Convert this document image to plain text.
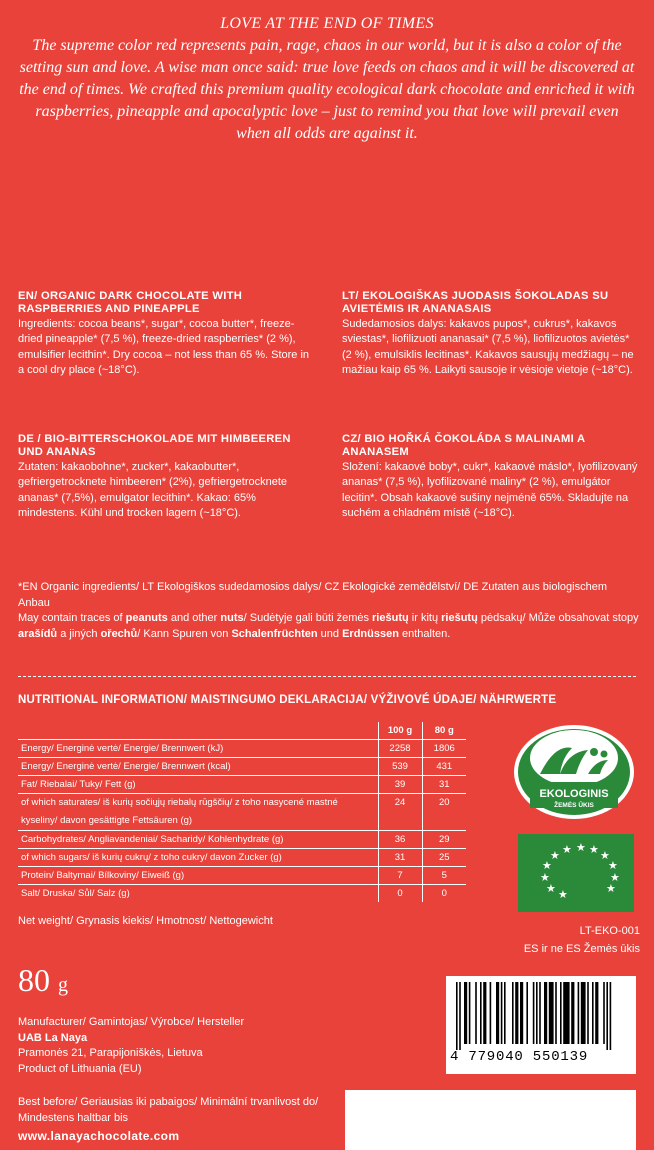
LOVE AT THE END OF TIMES
The supreme color red represents pain, rage, chaos in our world, but it is also a color of the setting sun and love. A wise man once said: true love feeds on chaos and it will be discovered at the end of times. We crafted this premium quality ecological dark chocolate and enriched it with raspberries, pineapple and apocalyptic love – just to remind you that love will prevail even when all odds are against it.
EN/ ORGANIC DARK CHOCOLATE WITH RASPBERRIES AND PINEAPPLE
Ingredients: cocoa beans*, sugar*, cocoa butter*, freeze-dried pineapple* (7,5 %), freeze-dried raspberries* (2 %), emulsifier lecithin*. Dry cocoa – not less than 65 %. Store in a cool dry place (~18°C).
LT/ EKOLOGIŠKAS JUODASIS ŠOKOLADAS SU AVIETĖMIS IR ANANASAIS
Sudedamosios dalys: kakavos pupos*, cukrus*, kakavos sviestas*, liofilizuoti ananasai* (7,5 %), liofilizuotos avietės* (2 %), emulsiklis lecitinas*. Kakavos sausųjų medžiagų – ne mažiau kaip 65 %. Laikyti sausoje ir vėsioje vietoje (~18°C).
DE / BIO-BITTERSCHOKOLADE MIT HIMBEEREN UND ANANAS
Zutaten: kakaobohne*, zucker*, kakaobutter*, gefriergetrocknete himbeeren* (2%), gefriergetrocknete ananas* (7,5%), emulgator lecithin*. Kakao: 65% mindestens. Kühl und trocken lagern (~18°C).
CZ/ BIO HOŘKÁ ČOKOLÁDA S MALINAMI A ANANASEM
Složení: kakaové boby*, cukr*, kakaové máslo*, lyofilizovaný ananas* (7,5 %), lyofilizované maliny* (2 %), emulgátor lecitin*. Obsah kakaové sušiny nejméně 65%. Skladujte na suchém a chladném místě (~18°C).
*EN Organic ingredients/ LT Ekologiškos sudedamosios dalys/ CZ Ekologické zemědělství/ DE Zutaten aus biologischem Anbau
May contain traces of peanuts and other nuts/ Sudėtyje gali būti žemės riešutų ir kitų riešutų pėdsakų/ Může obsahovat stopy arašídů a jiných ořechů/ Kann Spuren von Schalenfrüchten und Erdnüssen enthalten.
NUTRITIONAL INFORMATION/ MAISTINGUMO DEKLARACIJA/ VÝŽIVOVÉ ÚDAJE/ NÄHRWERTE
	100 g	80 g
Energy/ Energinė vertė/ Energie/ Brennwert (kJ)	2258	1806
Energy/ Energinė vertė/ Energie/ Brennwert (kcal)	539	431
Fat/ Riebalai/ Tuky/ Fett (g)	39	31
of which saturates/ iš kurių sočiųjų riebalų rūgščių/ z toho nasycené mastné kyseliny/ davon gesättigte Fettsäuren (g)	24	20
Carbohydrates/ Angliavandeniai/ Sacharidy/ Kohlenhydrate (g)	36	29
of which sugars/ iš kurių cukrų/ z toho cukry/ davon Zucker (g)	31	25
Protein/ Baltymai/ Bílkoviny/ Eiweiß (g)	7	5
Salt/ Druska/ Sůl/ Salz (g)	0	0
EKOLOGINIS
ŽEMĖS ŪKIS
★
★
★
★ ★ ★ ★ ★
★
★
★
★
LT-EKO-001
ES ir ne ES Žemės ūkis
Net weight/ Grynasis kiekis/ Hmotnost/ Nettogewicht
80 g
Manufacturer/ Gamintojas/ Výrobce/ Hersteller
UAB La Naya
Pramonės 21, Parapijoniškės, Lietuva
Product of Lithuania (EU)
Best before/ Geriausias iki pabaigos/ Minimální trvanlivost do/ Mindestens haltbar bis
www.lanayachocolate.com
4 779040 550139
